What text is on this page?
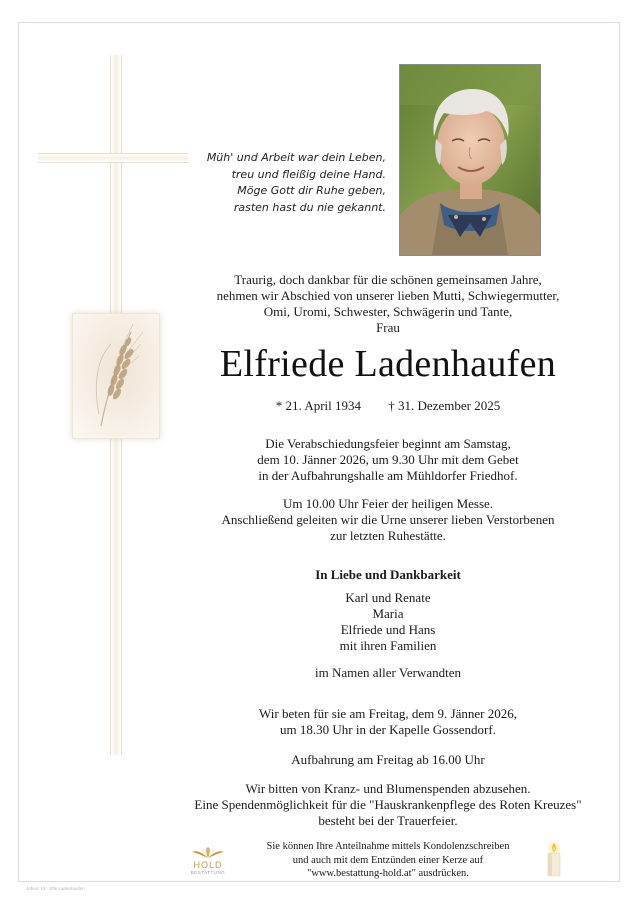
Müh' und Arbeit war dein Leben,
treu und fleißig deine Hand.
Möge Gott dir Ruhe geben,
rasten hast du nie gekannt.
Traurig, doch dankbar für die schönen gemeinsamen Jahre,
nehmen wir Abschied von unserer lieben Mutti, Schwiegermutter,
Omi, Uromi, Schwester, Schwägerin und Tante,
Frau
Elfriede Ladenhaufen
* 21. April 1934 † 31. Dezember 2025
Die Verabschiedungsfeier beginnt am Samstag,
dem 10. Jänner 2026, um 9.30 Uhr mit dem Gebet
in der Aufbahrungshalle am Mühldorfer Friedhof.
Um 10.00 Uhr Feier der heiligen Messe.
Anschließend geleiten wir die Urne unserer lieben Verstorbenen
zur letzten Ruhestätte.
In Liebe und Dankbarkeit
Karl und Renate
Maria
Elfriede und Hans
mit ihren Familien
im Namen aller Verwandten
Wir beten für sie am Freitag, dem 9. Jänner 2026,
um 18.30 Uhr in der Kapelle Gossendorf.
Aufbahrung am Freitag ab 16.00 Uhr
Wir bitten von Kranz- und Blumenspenden abzusehen.
Eine Spendenmöglichkeit für die "Hauskrankenpflege des Roten Kreuzes"
besteht bei der Trauerfeier.
Sie können Ihre Anteilnahme mittels Kondolenzschreiben
und auch mit dem Entzünden einer Kerze auf
"www.bestattung-hold.at" ausdrücken.
HOLD
BESTATTUNG
Jobus: 16 · Elfe Ladenhaufen
